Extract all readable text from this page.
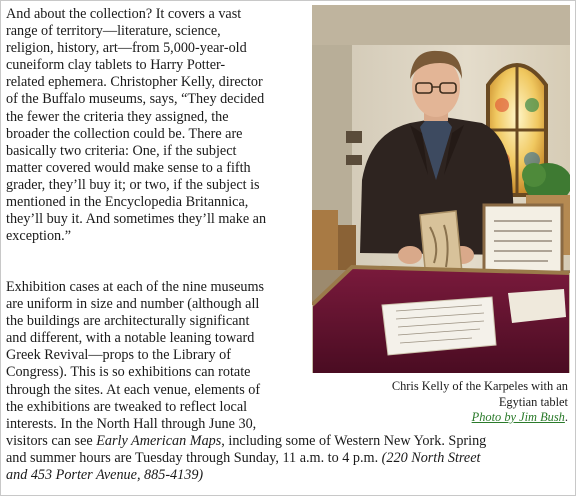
And about the collection? It covers a vast
range of territory—literature, science,
religion, history, art—from 5,000-year-old
cuneiform clay tablets to Harry Potter-
related ephemera. Christopher Kelly, director
of the Buffalo museums, says, “They decided
the fewer the criteria they assigned, the
broader the collection could be. There are
basically two criteria: One, if the subject
matter covered would make sense to a fifth
grader, they’ll buy it; or two, if the subject is
mentioned in the Encyclopedia Britannica,
they’ll buy it. And sometimes they’ll make an
exception.”

Exhibition cases at each of the nine museums
are uniform in size and number (although all
the buildings are architecturally significant
and different, with a notable leaning toward
Greek Revival—props to the Library of
Congress). This is so exhibitions can rotate
through the sites. At each venue, elements of
the exhibitions are tweaked to reflect local
interests. In the North Hall through June 30,

visitors can see Early American Maps, including some of Western New York. Spring
and summer hours are Tuesday through Sunday, 11 a.m. to 4 p.m. (220 North Street
and 453 Porter Avenue, 885-4139)

Chris Kelly of the Karpeles with an
Egytian tablet
Photo by Jim Bush.
